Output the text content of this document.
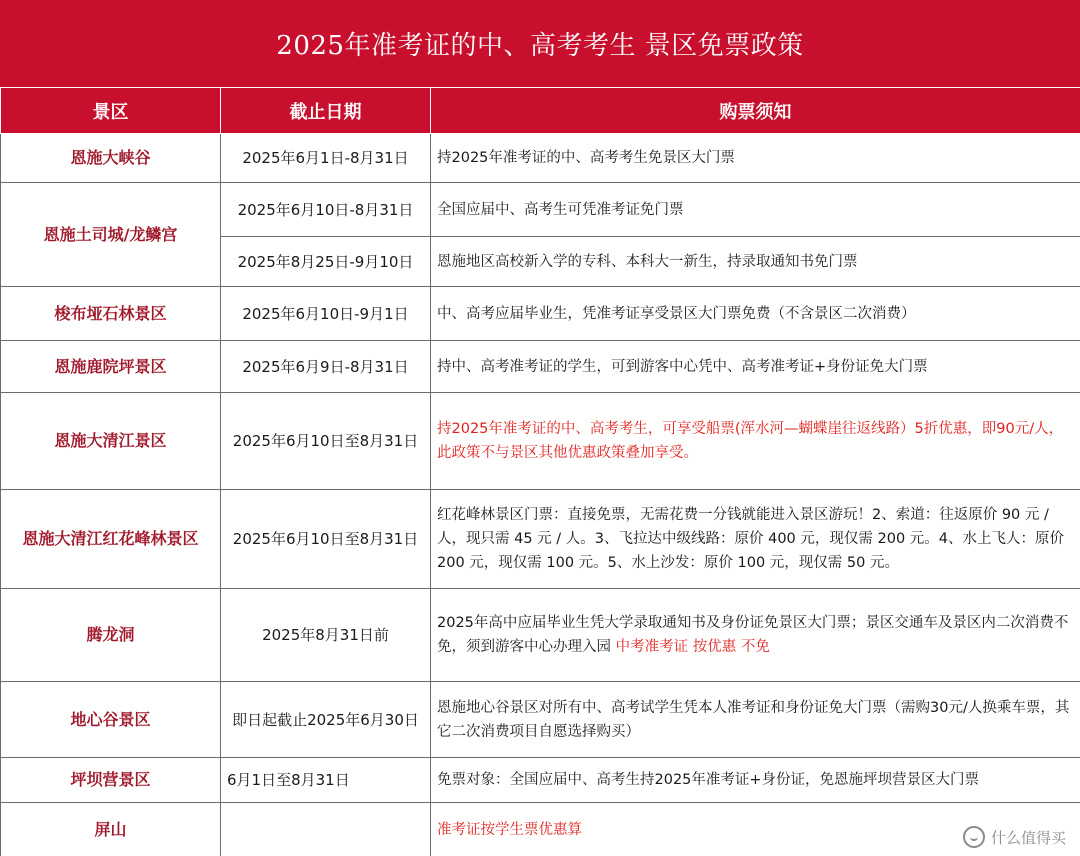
2025年准考证的中、高考考生 景区免票政策
景区	截止日期	购票须知
恩施大峡谷	2025年6月1日-8月31日	持2025年准考证的中、高考考生免景区大门票
恩施土司城/龙鳞宫	2025年6月10日-8月31日	全国应届中、高考生可凭准考证免门票
	2025年8月25日-9月10日	恩施地区高校新入学的专科、本科大一新生，持录取通知书免门票
梭布垭石林景区	2025年6月10日-9月1日	中、高考应届毕业生，凭准考证享受景区大门票免费（不含景区二次消费）
恩施鹿院坪景区	2025年6月9日-8月31日	持中、高考准考证的学生，可到游客中心凭中、高考准考证+身份证免大门票
恩施大清江景区	2025年6月10日至8月31日	持2025年准考证的中、高考考生，可享受船票(浑水河—蝴蝶崖往返线路）5折优惠，即90元/人，此政策不与景区其他优惠政策叠加享受。
恩施大清江红花峰林景区	2025年6月10日至8月31日	红花峰林景区门票：直接免票，无需花费一分钱就能进入景区游玩！2、索道：往返原价 90 元 / 人，现只需 45 元 / 人。3、飞拉达中级线路：原价 400 元，现仅需 200 元。4、水上飞人：原价200 元，现仅需 100 元。5、水上沙发：原价 100 元，现仅需 50 元。
腾龙洞	2025年8月31日前	2025年高中应届毕业生凭大学录取通知书及身份证免景区大门票；景区交通车及景区内二次消费不免，须到游客中心办理入园 中考准考证 按优惠 不免
地心谷景区	即日起截止2025年6月30日	恩施地心谷景区对所有中、高考试学生凭本人准考证和身份证免大门票（需购30元/人换乘车票，其它二次消费项目自愿选择购买）
坪坝营景区	6月1日至8月31日	免票对象：全国应届中、高考生持2025年准考证+身份证，免恩施坪坝营景区大门票
屏山		准考证按学生票优惠算	什么值得买
